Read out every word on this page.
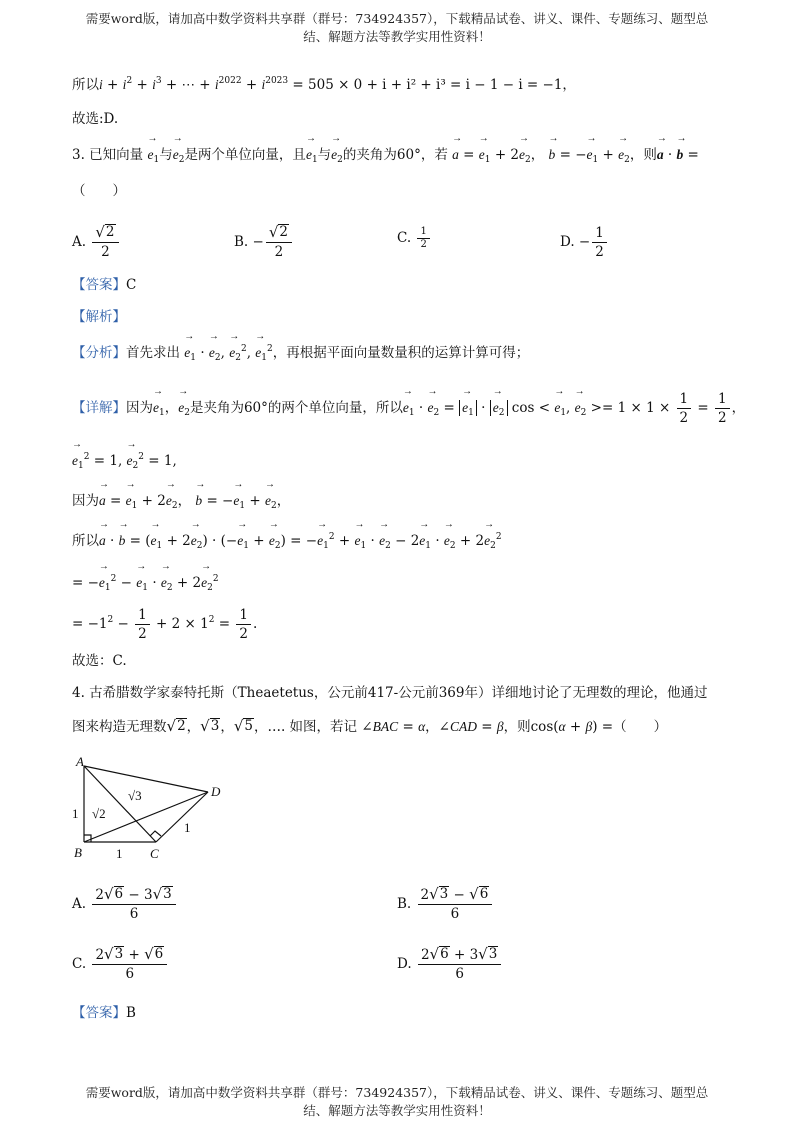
需要word版，请加高中数学资料共享群（群号：734924357），下载精品试卷、讲义、课件、专题练习、题型总
结、解题方法等教学实用性资料！
所以$i + i^2 + i^3$ + ⋯ + $i^{2022} + i^{2023} = 505 \times 0 + i + i^2 + i^3 = i - 1 - i = -1$，
故选:D.
3. 已知向量 → $e_1$与→ $e_2$是两个单位向量，且→ $e_1$与→ $e_2$的夹角为60°，若 → a = → $e_1 + 2\to e_2$， → b = −→ $e_1$ + → $e_2$，则→ a · → b =
（　　）
A. $\frac{√ 2}{2}$	B. − $\frac{√ 2}{2}$	C. $\frac{1}{2}$	D. − $\frac{1}{2}$
【答案】C
【解析】
【分析】首先求出 → $e_1$ · → $e_2$, → $e_2^2$, → $e_1^2$，再根据平面向量数量积的运算计算可得；
【详解】因为→ $e_1$，→ $e_2$是夹角为60°的两个单位向量，所以→ $e_1$ · → $e_2$ = → $e_1$ · → $e_2$ cos < → $e_1$, → $e_2 >= 1 \times 1 \times \frac{1}{2} = \frac{1}{2}$ ，
→ $e_1^2 = 1$, → $e_2^2 = 1$,
因为→ a = → $e_1 + 2\to e_2$， → b = −→ $e_1$ + → $e_2$，
所以→ a · → b = (→ $e_1 + 2\to e_2$) · (−→ $e_1$ + → $e_2$) = −→ $e_1^2$ + → $e_1$ · → $e_2 - 2\to e_1$ · → $e_2 + 2\to e_2^2$
= −→ $e_1^2$ − → $e_1$ · → $e_2 + 2\to e_2^2$
= $-1^2 - \frac{1}{2} + 2 \times 1^2 = \frac{1}{2}$ .
故选：C.
4. 古希腊数学家泰特托斯（Theaetetus，公元前417-公元前369年）详细地讨论了无理数的理论，他通过
图来构造无理数 √ 2 ， √ 3 ， √ 5 ，…. 如图，若记 ∠BAC = α，∠CAD = β，则cos(α + β) =（　　）
A
B	C
D
1
1
1
√2
√3
A. $\frac{2 √ 6 - 3 √ 3}{6}$	B. $\frac{2 √ 3 - √ 6}{6}$
C. $\frac{2 √ 3 + √ 6}{6}$	D. $\frac{2 √ 6 + 3 √ 3}{6}$
【答案】B
需要word版，请加高中数学资料共享群（群号：734924357），下载精品试卷、讲义、课件、专题练习、题型总
结、解题方法等教学实用性资料！
